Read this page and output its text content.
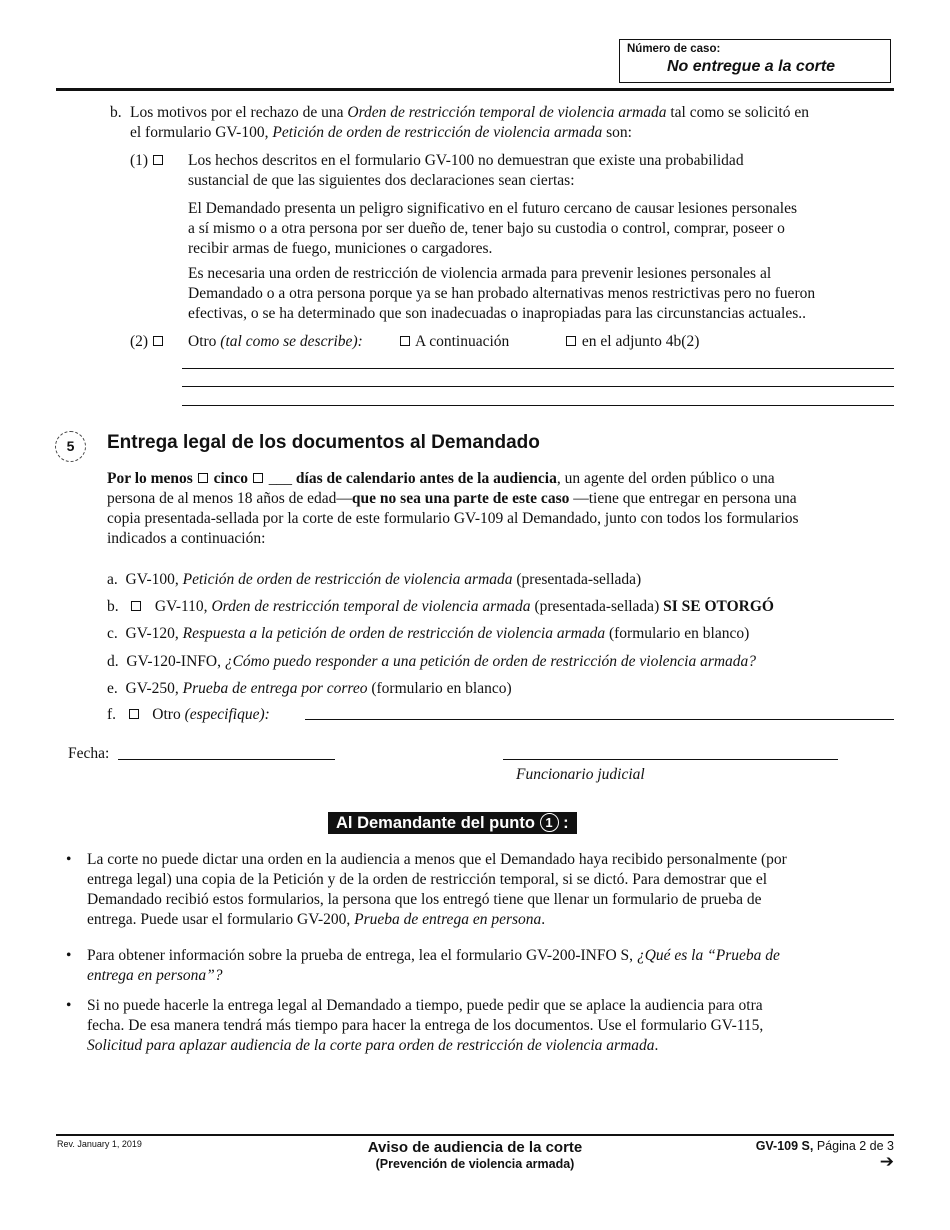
Número de caso:
No entregue a la corte
b. Los motivos por el rechazo de una Orden de restricción temporal de violencia armada tal como se solicitó en
el formulario GV-100, Petición de orden de restricción de violencia armada son:
(1)	Los hechos descritos en el formulario GV-100 no demuestran que existe una probabilidad
sustancial de que las siguientes dos declaraciones sean ciertas:
El Demandado presenta un peligro significativo en el futuro cercano de causar lesiones personales
a sí mismo o a otra persona por ser dueño de, tener bajo su custodia o control, comprar, poseer o
recibir armas de fuego, municiones o cargadores.
Es necesaria una orden de restricción de violencia armada para prevenir lesiones personales al
Demandado o a otra persona porque ya se han probado alternativas menos restrictivas pero no fueron
efectivas, o se ha determinado que son inadecuadas o inapropiadas para las circunstancias actuales..
(2)	Otro (tal como se describe):	A continuación	en el adjunto 4b(2)
5	Entrega legal de los documentos al Demandado
Por lo menos cinco ___ días de calendario antes de la audiencia, un agente del orden público o una
persona de al menos 18 años de edad—que no sea una parte de este caso —tiene que entregar en persona una
copia presentada-sellada por la corte de este formulario GV-109 al Demandado, junto con todos los formularios
indicados a continuación:
a. GV-100, Petición de orden de restricción de violencia armada (presentada-sellada)
b. GV-110, Orden de restricción temporal de violencia armada (presentada-sellada) SI SE OTORGÓ
c. GV-120, Respuesta a la petición de orden de restricción de violencia armada (formulario en blanco)
d. GV-120-INFO, ¿Cómo puedo responder a una petición de orden de restricción de violencia armada?
e. GV-250, Prueba de entrega por correo (formulario en blanco)
f. Otro (especifique):
Fecha:
Funcionario judicial
Al Demandante del punto 1 :
• La corte no puede dictar una orden en la audiencia a menos que el Demandado haya recibido personalmente (por
entrega legal) una copia de la Petición y de la orden de restricción temporal, si se dictó. Para demostrar que el
Demandado recibió estos formularios, la persona que los entregó tiene que llenar un formulario de prueba de
entrega. Puede usar el formulario GV-200, Prueba de entrega en persona.
• Para obtener información sobre la prueba de entrega, lea el formulario GV-200-INFO S, ¿Qué es la “Prueba de
entrega en persona”?
• Si no puede hacerle la entrega legal al Demandado a tiempo, puede pedir que se aplace la audiencia para otra
fecha. De esa manera tendrá más tiempo para hacer la entrega de los documentos. Use el formulario GV-115,
Solicitud para aplazar audiencia de la corte para orden de restricción de violencia armada.
Rev. January 1, 2019	Aviso de audiencia de la corte
(Prevención de violencia armada)
GV-109 S, Página 2 de 3
➔
